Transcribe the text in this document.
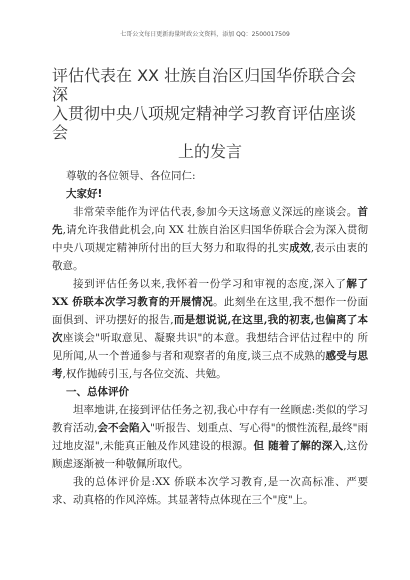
七哥公文每日更新海量时政公文资料，添加 QQ：2500017509

评估代表在 XX 壮族自治区归国华侨联合会深

入贯彻中央八项规定精神学习教育评估座谈会

上的发言

尊敬的各位领导、各位同仁:

大家好!

非常荣幸能作为评估代表,参加今天这场意义深远的座谈会。首先,请允许我借此机会,向 XX 壮族自治区归国华侨联合会为深入贯彻中央八项规定精神所付出的巨大努力和取得的扎实成效,表示由衷的敬意。

接到评估任务以来,我怀着一份学习和审视的态度,深入了解了 XX 侨联本次学习教育的开展情况。此刻坐在这里,我不想作一份面面俱到、评功摆好的报告,而是想说说,在这里,我的初衷,也偏离了本次座谈会"听取意见、凝聚共识"的本意。我想结合评估过程中的 所见所闻,从一个普通参与者和观察者的角度,谈三点不成熟的感受与思考,权作抛砖引玉,与各位交流、共勉。

一、总体评价

坦率地讲,在接到评估任务之初,我心中存有一丝顾虑:类似的学习教育活动,会不会陷入"听报告、划重点、写心得"的惯性流程,最终"雨过地皮湿",未能真正触及作风建设的根源。但 随着了解的深入,这份顾虑逐渐被一种敬佩所取代。

我的总体评价是:XX 侨联本次学习教育,是一次高标准、严要求、动真格的作风淬炼。其显著特点体现在三个"度"上。
